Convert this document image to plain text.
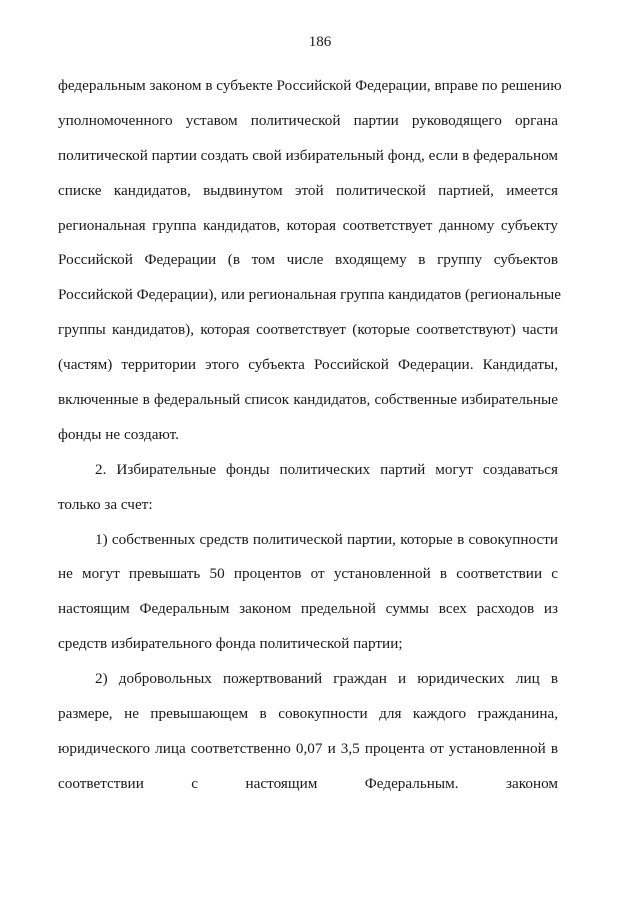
186
федеральным законом в субъекте Российской Федерации, вправе по решению
уполномоченного уставом политической партии руководящего органа
политической партии создать свой избирательный фонд, если в федеральном
списке кандидатов, выдвинутом этой политической партией, имеется
региональная группа кандидатов, которая соответствует данному субъекту
Российской Федерации (в том числе входящему в группу субъектов
Российской Федерации), или региональная группа кандидатов (региональные
группы кандидатов), которая соответствует (которые соответствуют) части
(частям) территории этого субъекта Российской Федерации. Кандидаты,
включенные в федеральный список кандидатов, собственные избирательные
фонды не создают.
2. Избирательные фонды политических партий могут создаваться
только за счет:
1) собственных средств политической партии, которые в совокупности
не могут превышать 50 процентов от установленной в соответствии с
настоящим Федеральным законом предельной суммы всех расходов из
средств избирательного фонда политической партии;
2) добровольных пожертвований граждан и юридических лиц в
размере, не превышающем в совокупности для каждого гражданина,
юридического лица соответственно 0,07 и 3,5 процента от установленной в
соответствии с настоящим Федеральным. законом
